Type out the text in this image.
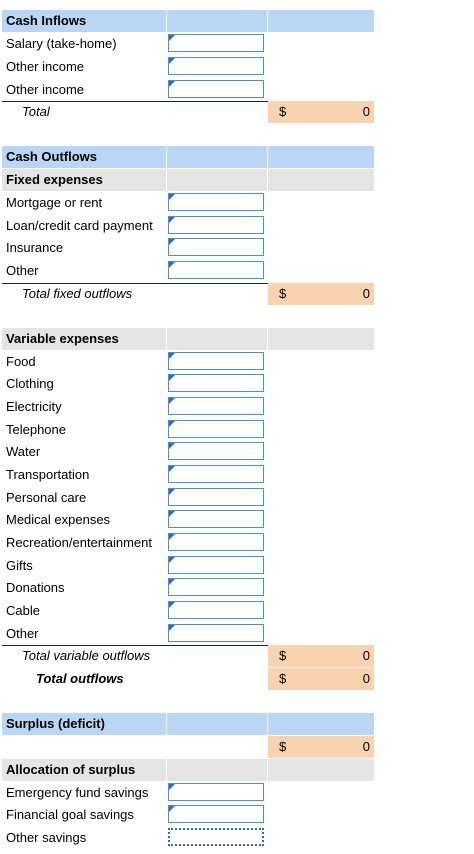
Cash Inflows
Salary (take-home)
Other income
Other income
Total	$	0
Cash Outflows
Fixed expenses
Mortgage or rent
Loan/credit card payment
Insurance
Other
Total fixed outflows	$	0
Variable expenses
Food
Clothing
Electricity
Telephone
Water
Transportation
Personal care
Medical expenses
Recreation/entertainment
Gifts
Donations
Cable
Other
Total variable outflows	$	0
Total outflows	$	0
Surplus (deficit)
$	0
Allocation of surplus
Emergency fund savings
Financial goal savings
Other savings
